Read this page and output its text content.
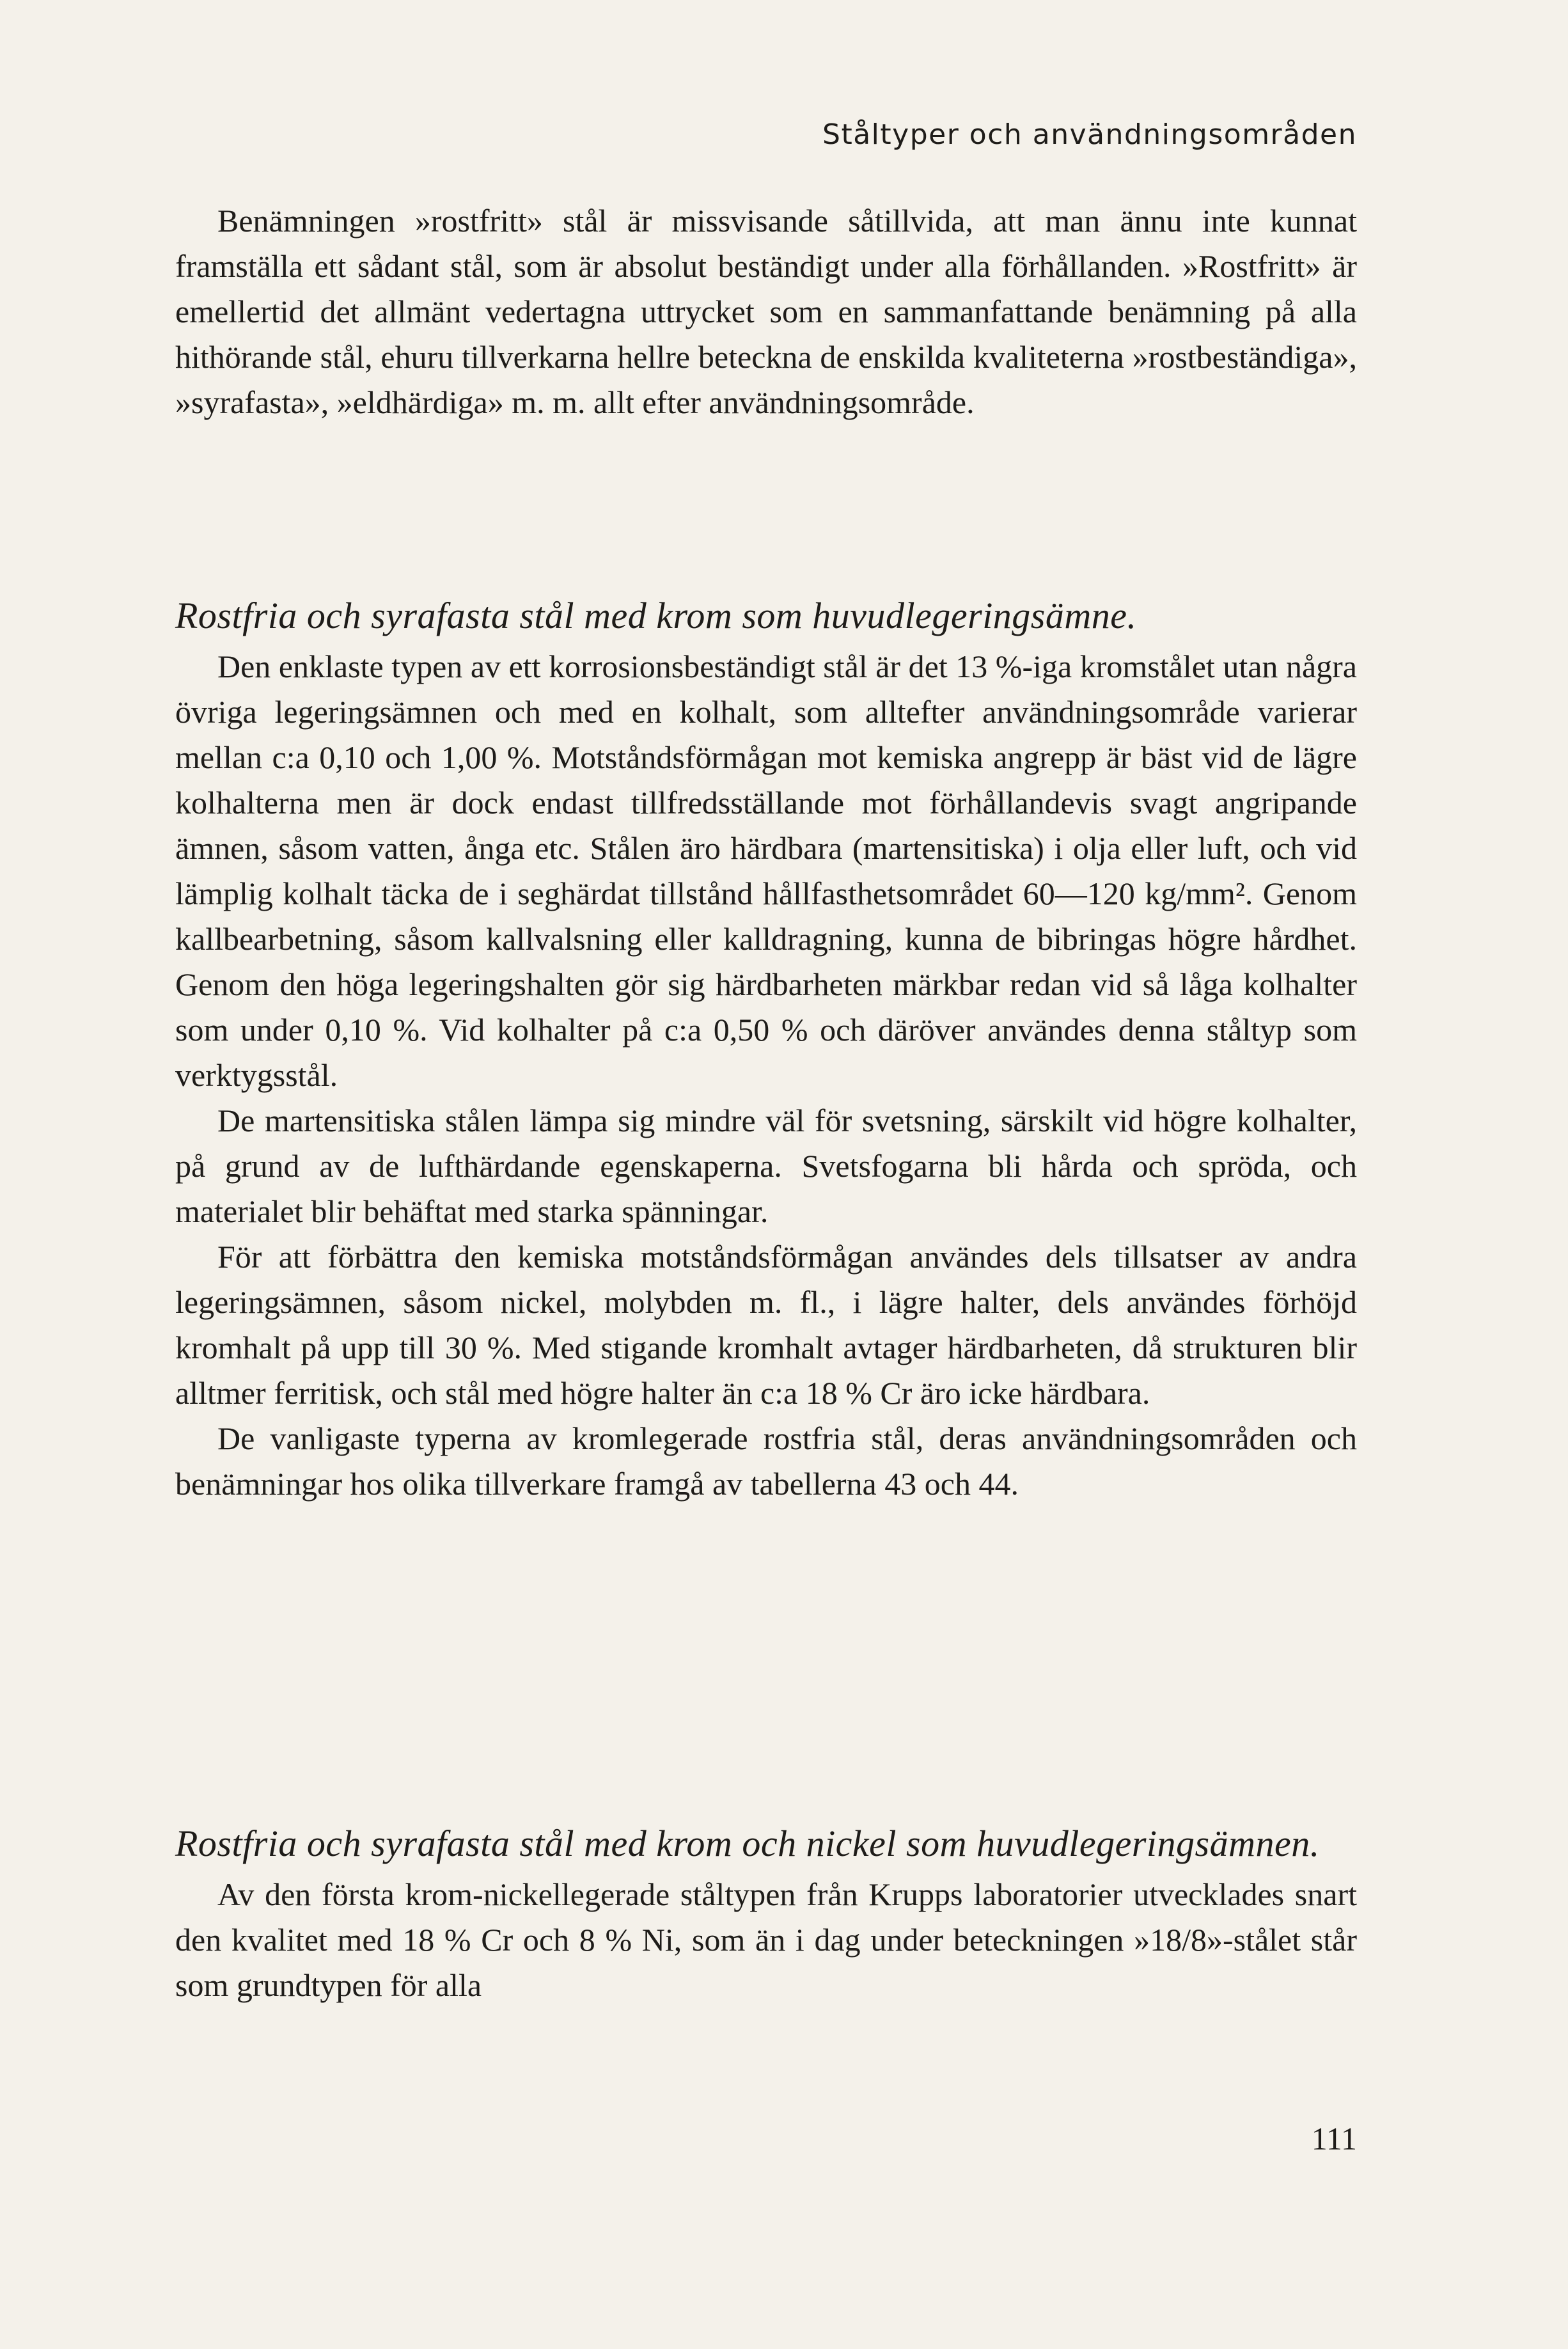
Ståltyper och användningsområden

Benämningen »rostfritt» stål är missvisande såtillvida, att man ännu inte kunnat framställa ett sådant stål, som är absolut beständigt under alla förhållanden. »Rostfritt» är emellertid det allmänt vedertagna uttrycket som en sammanfattande benämning på alla hithörande stål, ehuru tillverkarna hellre beteckna de enskilda kvaliteterna »rostbeständiga», »syrafasta», »eldhärdiga» m. m. allt efter användningsområde.

Rostfria och syrafasta stål med krom som huvudlegeringsämne.

Den enklaste typen av ett korrosionsbeständigt stål är det 13 %-iga kromstålet utan några övriga legeringsämnen och med en kolhalt, som alltefter användningsområde varierar mellan c:a 0,10 och 1,00 %. Motståndsförmågan mot kemiska angrepp är bäst vid de lägre kolhalterna men är dock endast tillfredsställande mot förhållandevis svagt angripande ämnen, såsom vatten, ånga etc. Stålen äro härdbara (martensitiska) i olja eller luft, och vid lämplig kolhalt täcka de i seghärdat tillstånd hållfasthetsområdet 60—120 kg/mm². Genom kallbearbetning, såsom kallvalsning eller kalldragning, kunna de bibringas högre hårdhet. Genom den höga legeringshalten gör sig härdbarheten märkbar redan vid så låga kolhalter som under 0,10 %. Vid kolhalter på c:a 0,50 % och däröver användes denna ståltyp som verktygsstål.

De martensitiska stålen lämpa sig mindre väl för svetsning, särskilt vid högre kolhalter, på grund av de lufthärdande egenskaperna. Svetsfogarna bli hårda och spröda, och materialet blir behäftat med starka spänningar.

För att förbättra den kemiska motståndsförmågan användes dels tillsatser av andra legeringsämnen, såsom nickel, molybden m. fl., i lägre halter, dels användes förhöjd kromhalt på upp till 30 %. Med stigande kromhalt avtager härdbarheten, då strukturen blir alltmer ferritisk, och stål med högre halter än c:a 18 % Cr äro icke härdbara.

De vanligaste typerna av kromlegerade rostfria stål, deras användningsområden och benämningar hos olika tillverkare framgå av tabellerna 43 och 44.

Rostfria och syrafasta stål med krom och nickel som huvudlegeringsämnen.

Av den första krom-nickellegerade ståltypen från Krupps laboratorier utvecklades snart den kvalitet med 18 % Cr och 8 % Ni, som än i dag under beteckningen »18/8»-stålet står som grundtypen för alla

111
